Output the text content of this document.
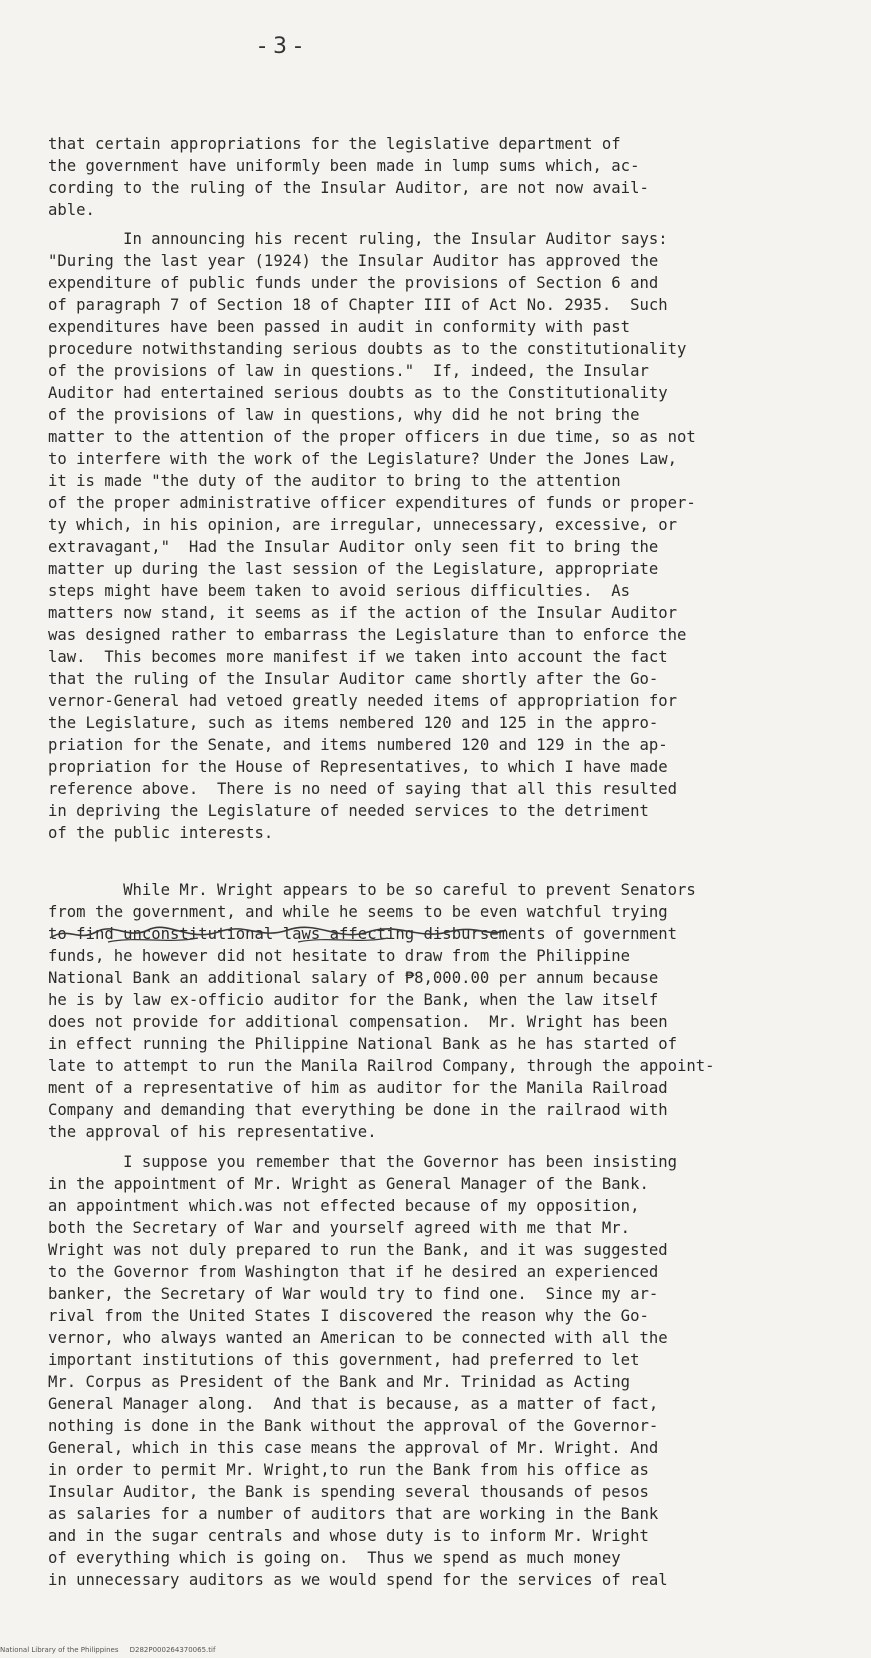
- 3 -

that certain appropriations for the legislative department of

the government have uniformly been made in lump sums which, ac-

cording to the ruling of the Insular Auditor, are not now avail-

able.

In announcing his recent ruling, the Insular Auditor says:

"During the last year (1924) the Insular Auditor has approved the

expenditure of public funds under the provisions of Section 6 and

of paragraph 7 of Section 18 of Chapter III of Act No. 2935.  Such

expenditures have been passed in audit in conformity with past

procedure notwithstanding serious doubts as to the constitutionality

of the provisions of law in questions."  If, indeed, the Insular

Auditor had entertained serious doubts as to the Constitutionality

of the provisions of law in questions, why did he not bring the

matter to the attention of the proper officers in due time, so as not

to interfere with the work of the Legislature? Under the Jones Law,

it is made "the duty of the auditor to bring to the attention

of the proper administrative officer expenditures of funds or proper-

ty which, in his opinion, are irregular, unnecessary, excessive, or

extravagant,"  Had the Insular Auditor only seen fit to bring the

matter up during the last session of the Legislature, appropriate

steps might have beem taken to avoid serious difficulties.  As

matters now stand, it seems as if the action of the Insular Auditor

was designed rather to embarrass the Legislature than to enforce the

law.  This becomes more manifest if we taken into account the fact

that the ruling of the Insular Auditor came shortly after the Go-

vernor-General had vetoed greatly needed items of appropriation for

the Legislature, such as items nembered 120 and 125 in the appro-

priation for the Senate, and items numbered 120 and 129 in the ap-

propriation for the House of Representatives, to which I have made

reference above.  There is no need of saying that all this resulted

in depriving the Legislature of needed services to the detriment

of the public interests.

While Mr. Wright appears to be so careful to prevent Senators

from the government, and while he seems to be even watchful trying

to find unconstitutional laws affecting disbursements of government

funds, he however did not hesitate to draw from the Philippine

National Bank an additional salary of ₱8,000.00 per annum because

he is by law ex-officio auditor for the Bank, when the law itself

does not provide for additional compensation.  Mr. Wright has been

in effect running the Philippine National Bank as he has started of

late to attempt to run the Manila Railrod Company, through the appoint-

ment of a representative of him as auditor for the Manila Railroad

Company and demanding that everything be done in the railraod with

the approval of his representative.

I suppose you remember that the Governor has been insisting

in the appointment of Mr. Wright as General Manager of the Bank.

an appointment which.was not effected because of my opposition,

both the Secretary of War and yourself agreed with me that Mr.

Wright was not duly prepared to run the Bank, and it was suggested

to the Governor from Washington that if he desired an experienced

banker, the Secretary of War would try to find one.  Since my ar-

rival from the United States I discovered the reason why the Go-

vernor, who always wanted an American to be connected with all the

important institutions of this government, had preferred to let

Mr. Corpus as President of the Bank and Mr. Trinidad as Acting

General Manager along.  And that is because, as a matter of fact,

nothing is done in the Bank without the approval of the Governor-

General, which in this case means the approval of Mr. Wright. And

in order to permit Mr. Wright,to run the Bank from his office as

Insular Auditor, the Bank is spending several thousands of pesos

as salaries for a number of auditors that are working in the Bank

and in the sugar centrals and whose duty is to inform Mr. Wright

of everything which is going on.  Thus we spend as much money

in unnecessary auditors as we would spend for the services of real

National Library of the Philippines     D282P000264370065.tif
